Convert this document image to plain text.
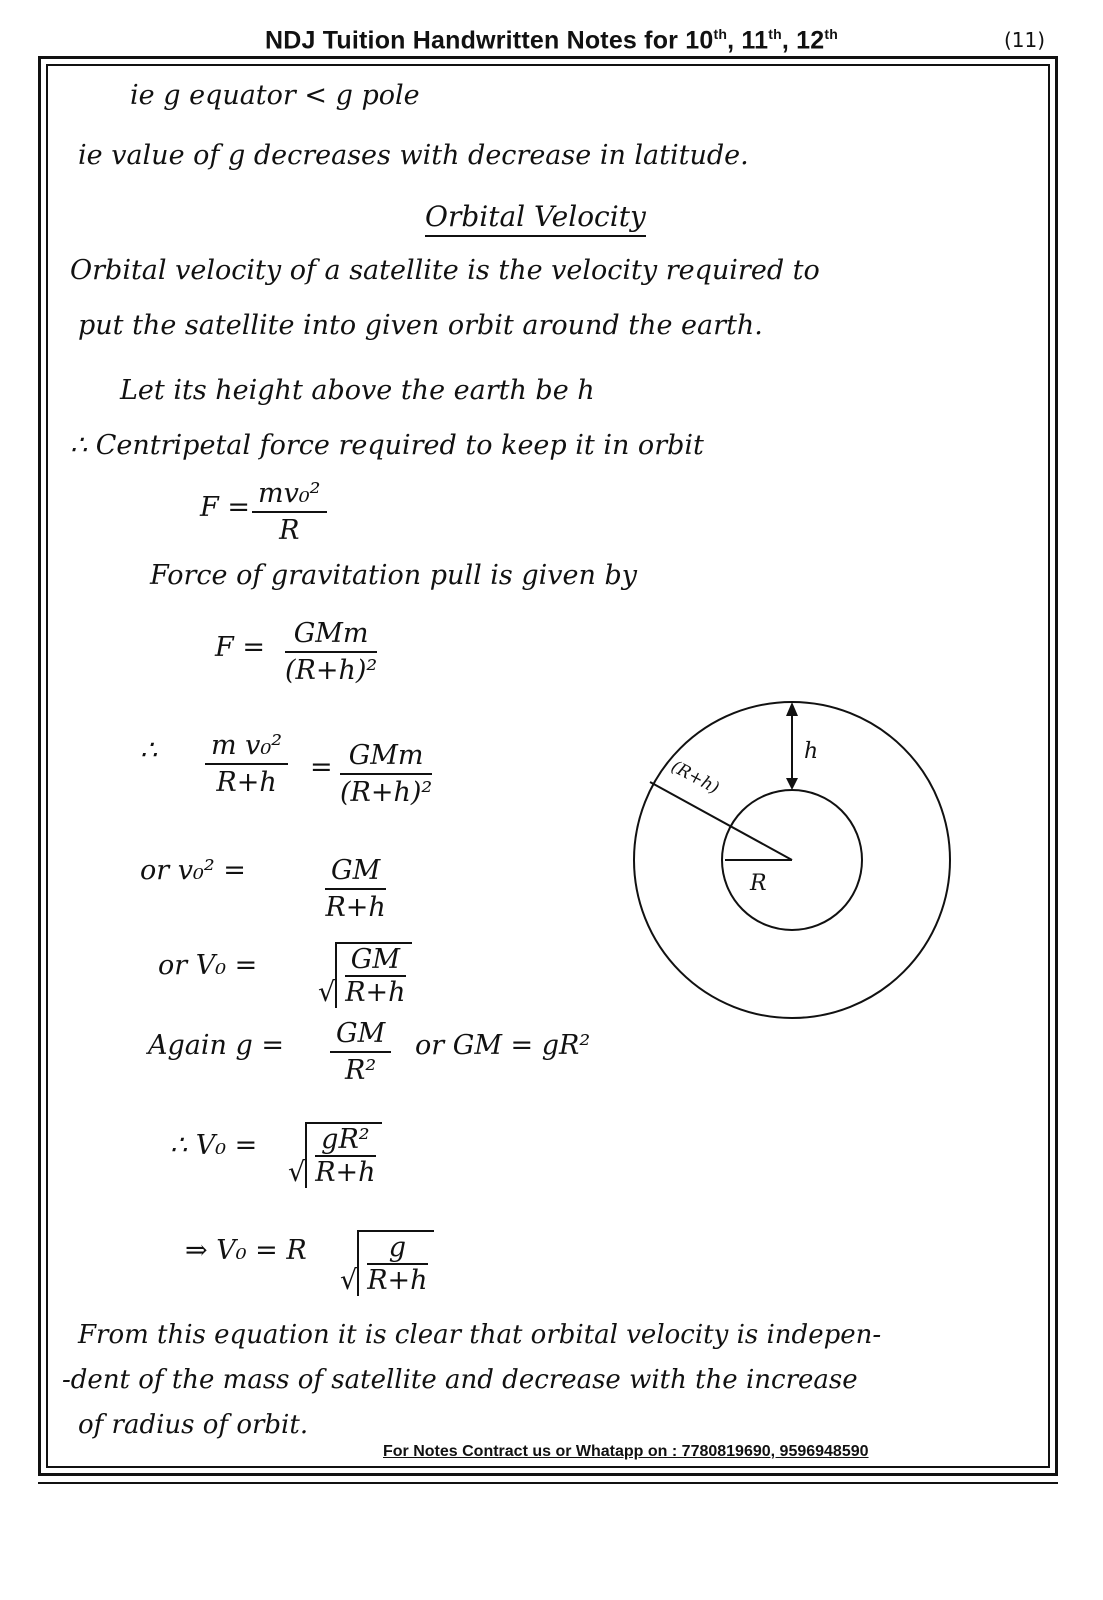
NDJ Tuition Handwritten Notes for 10th, 11th, 12th	(11)
ie g equator < g pole
ie value of g decreases with decrease in latitude.
Orbital Velocity
Orbital velocity of a satellite is the velocity required to
put the satellite into given orbit around the earth.
Let its height above the earth be h
∴ Centripetal force required to keep it in orbit
$F = \frac{\text{mv₀²}}{R}$
Force of gravitation pull is given by
F =	GMm
(R+h)²
∴ $\frac{\text{m v₀²}}{R+h}$ = GMm
(R+h)²
or v₀² =	$\frac{GM}{R+h}$
or V₀ =
√ $\frac{GM}{R+h}$
Again $g = \frac{GM}{\text{R²}}$ or GM = gR²
∴ V₀ =
√ $\frac{\text{gR²}}{R+h}$
⇒ V₀ = R
√ $\frac{g}{R+h}$
From this equation it is clear that orbital velocity is indepen-
-dent of the mass of satellite and decrease with the increase
of radius of orbit.
h
(R+h)
R
For Notes Contract us or Whatapp on : 7780819690, 9596948590
